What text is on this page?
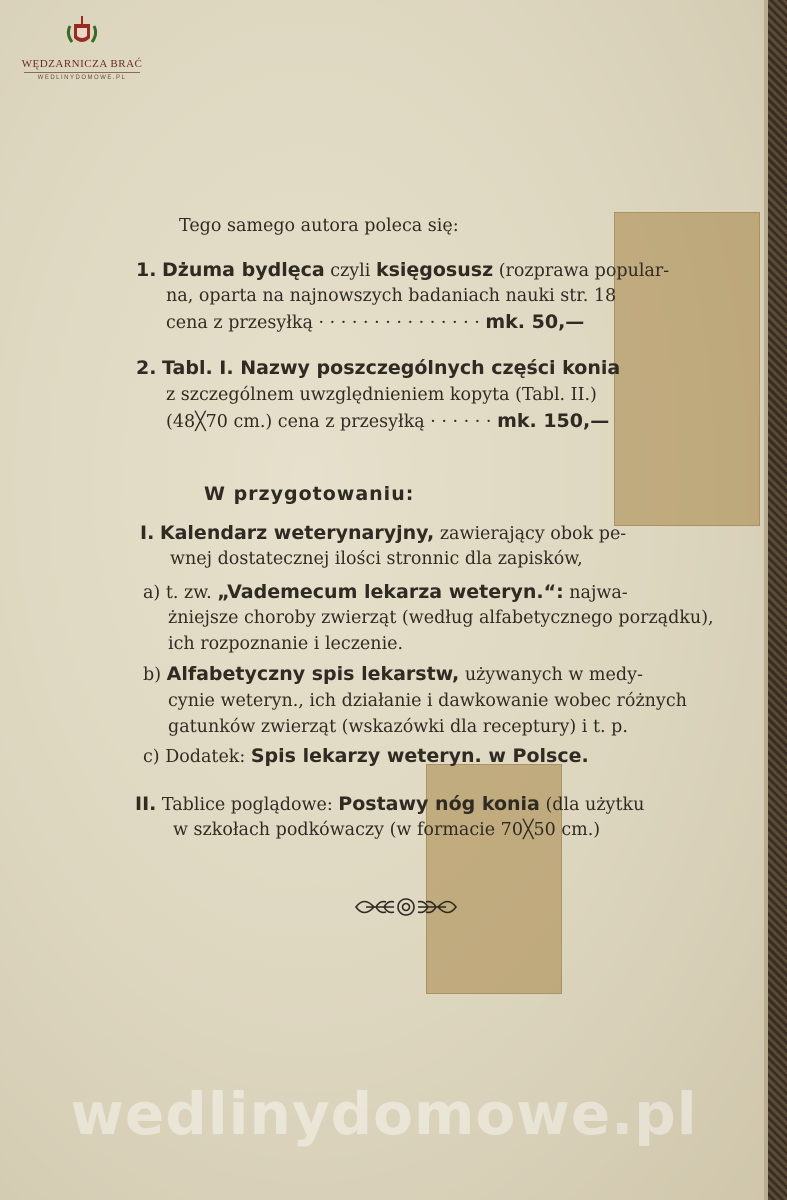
WĘDZARNICZA BRAĆ
WEDLINYDOMOWE.PL
Tego samego autora poleca się:
1. Dżuma bydlęca czyli księgosusz (rozprawa popular-
na, oparta na najnowszych badaniach nauki str. 18
cena z przesyłką · · · · · · · · · · · · · · · mk. 50,—
2. Tabl. I. Nazwy poszczególnych części konia
z szczególnem uwzględnieniem kopyta (Tabl. II.)
(48╳70 cm.) cena z przesyłką · · · · · · mk. 150,—
W przygotowaniu:
I. Kalendarz weterynaryjny, zawierający obok pe-
wnej dostatecznej ilości stronnic dla zapisków,
a) t. zw. „Vademecum lekarza weteryn.“: najwa-
żniejsze choroby zwierząt (według alfabetycznego porządku),
ich rozpoznanie i leczenie.
b) Alfabetyczny spis lekarstw, używanych w medy-
cynie weteryn., ich działanie i dawkowanie wobec różnych
gatunków zwierząt (wskazówki dla receptury) i t. p.
c) Dodatek: Spis lekarzy weteryn. w Polsce.
II. Tablice poglądowe: Postawy nóg konia (dla użytku
w szkołach podkówaczy (w formacie 70╳50 cm.)
wedlinydomowe.pl
